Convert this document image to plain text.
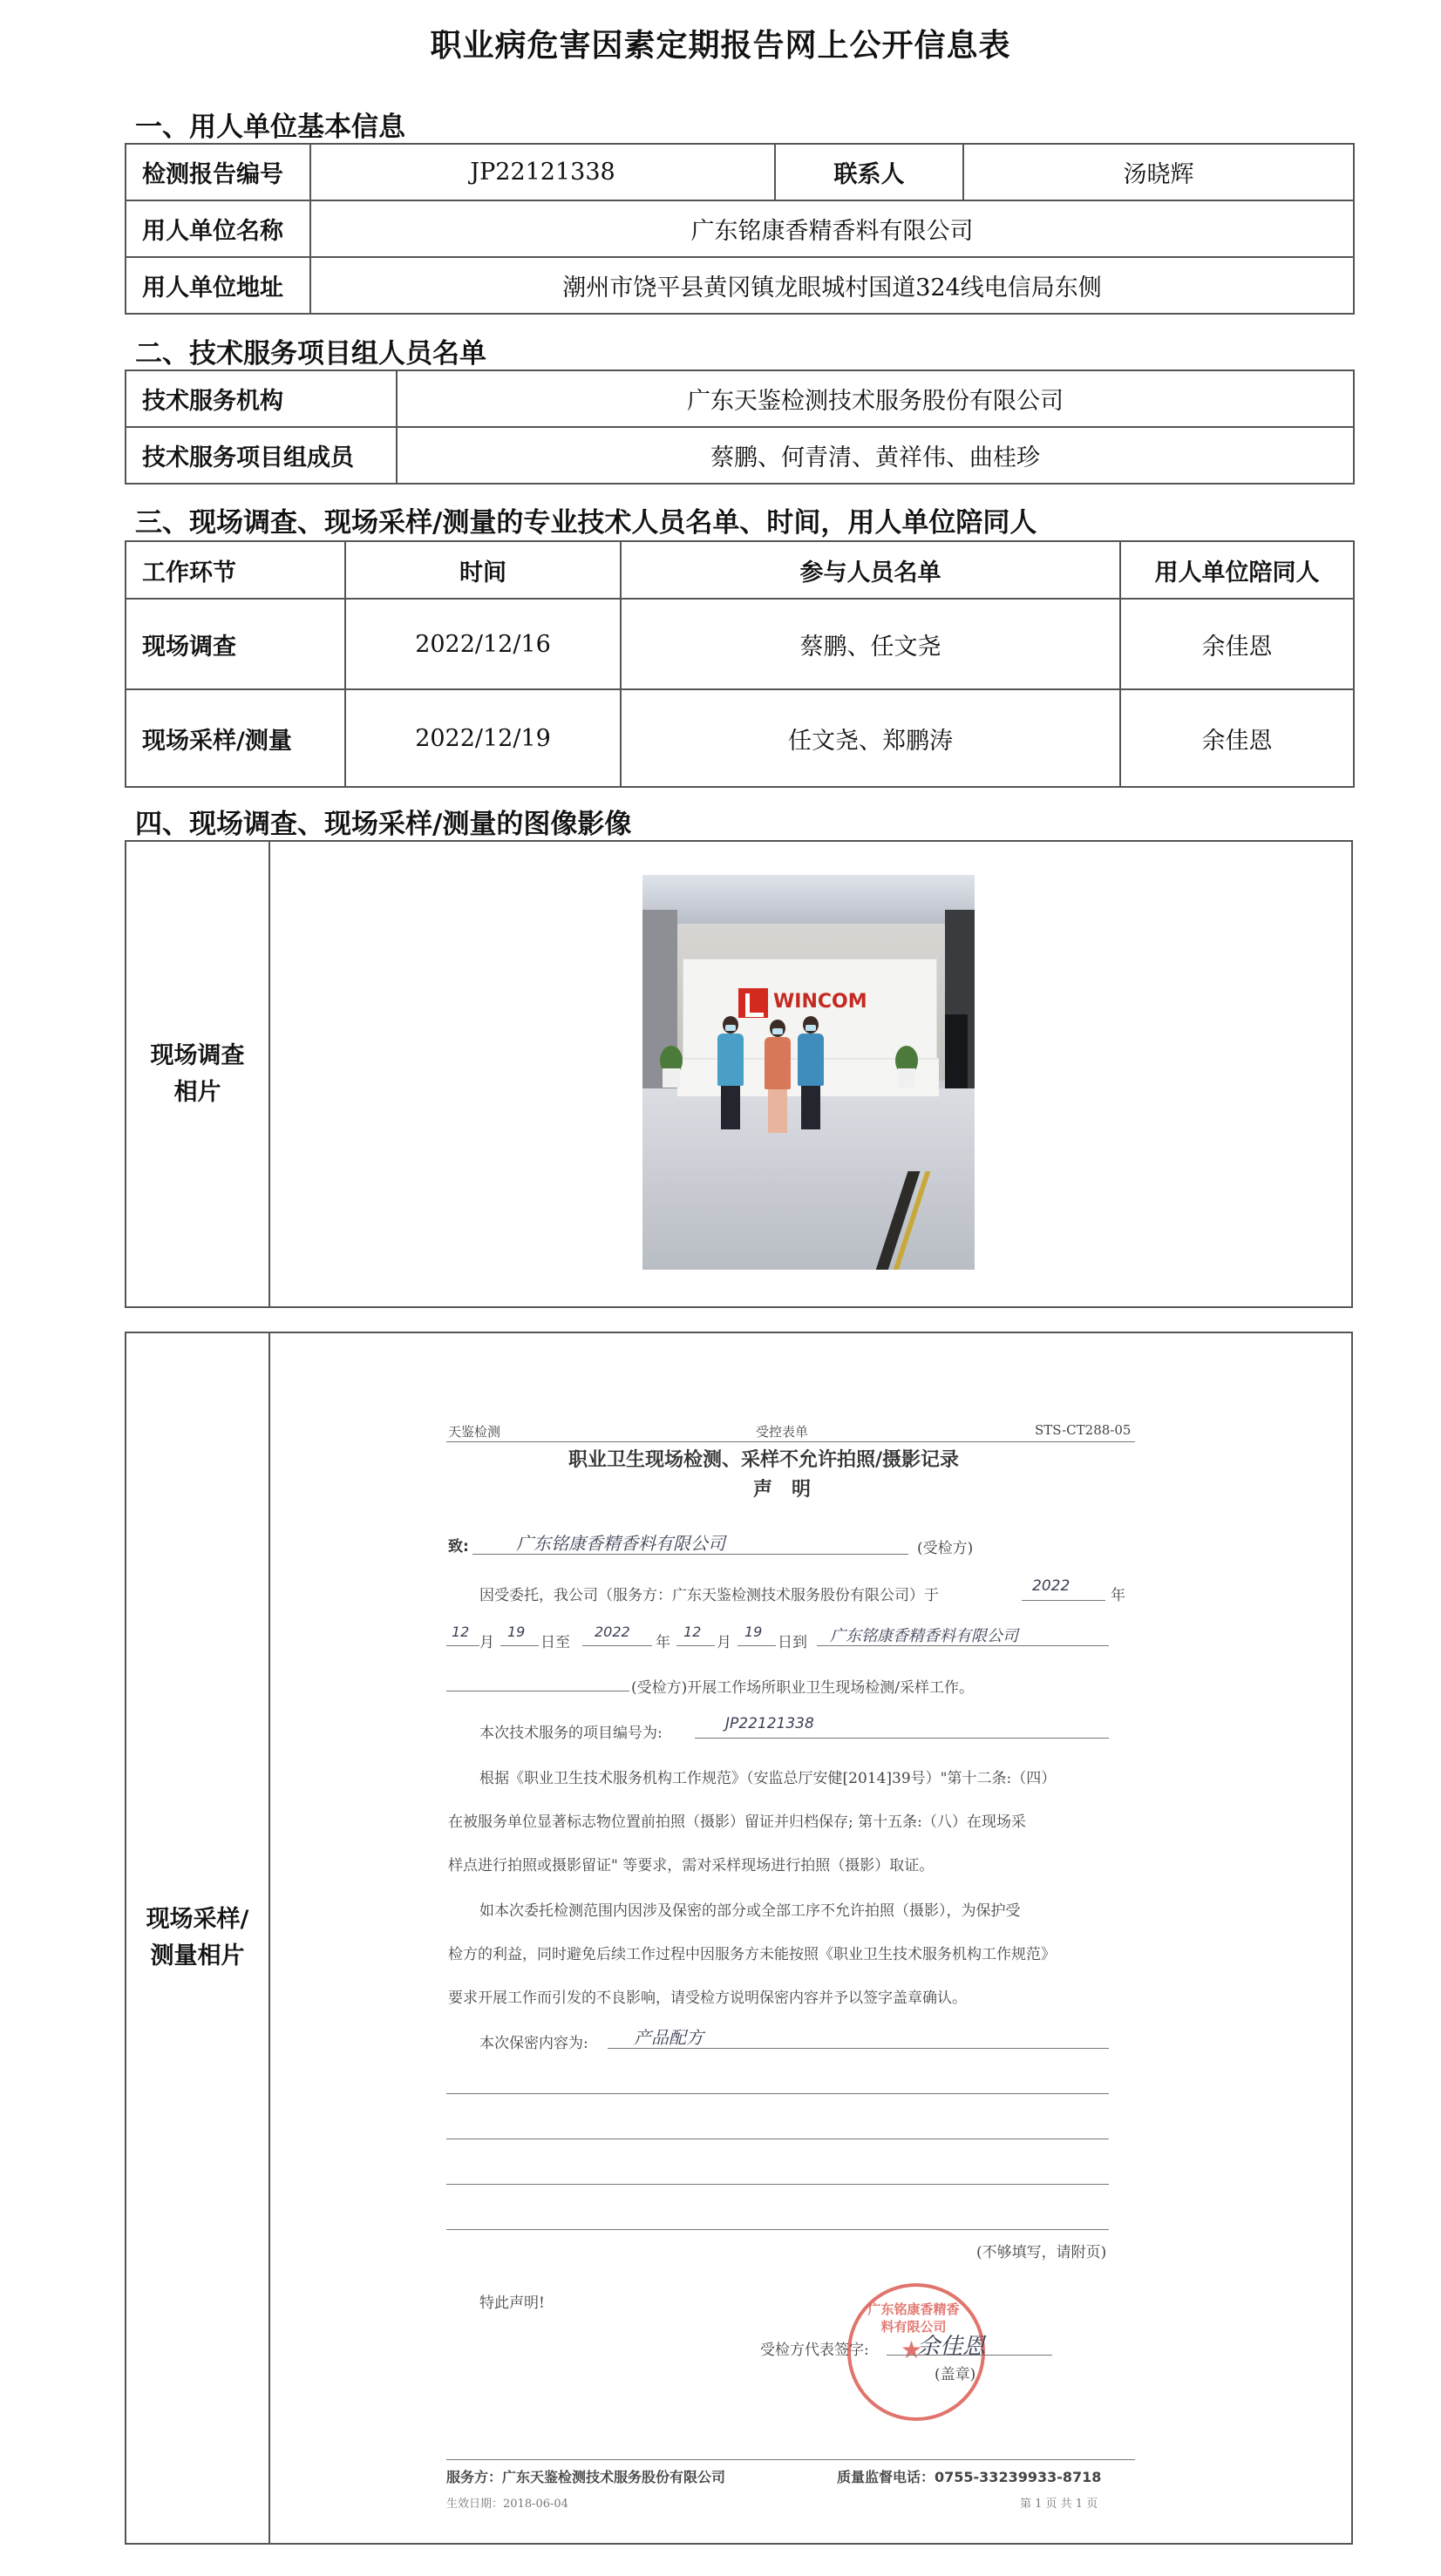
职业病危害因素定期报告网上公开信息表
一、用人单位基本信息
检测报告编号	JP22121338	联系人	汤晓辉
用人单位名称	广东铭康香精香料有限公司		
用人单位地址	潮州市饶平县黄冈镇龙眼城村国道324线电信局东侧		
二、技术服务项目组人员名单
技术服务机构	广东天鉴检测技术服务股份有限公司
技术服务项目组成员	蔡鹏、何青清、黄祥伟、曲桂珍
三、现场调查、现场采样/测量的专业技术人员名单、时间，用人单位陪同人
工作环节	时间	参与人员名单	用人单位陪同人
现场调查	2022/12/16	蔡鹏、任文尧	余佳恩
现场采样/测量	2022/12/19	任文尧、郑鹏涛	余佳恩
四、现场调查、现场采样/测量的图像影像
现场调查
相片
WINCOM
现场采样/
测量相片
天鉴检测	受控表单	STS-CT288-05
职业卫生现场检测、采样不允许拍照/摄影记录
声　明
致:	广东铭康香精香料有限公司	(受检方)
因受委托，我公司（服务方：广东天鉴检测技术服务股份有限公司）于
2022
年
12
月
19
日至
2022
年
12
月
19
日到 广东铭康香精香料有限公司
(受检方)开展工作场所职业卫生现场检测/采样工作。
本次技术服务的项目编号为:
JP22121338
根据《职业卫生技术服务机构工作规范》（安监总厅安健[2014]39号）"第十二条:（四）
在被服务单位显著标志物位置前拍照（摄影）留证并归档保存; 第十五条:（八）在现场采
样点进行拍照或摄影留证" 等要求，需对采样现场进行拍照（摄影）取证。
如本次委托检测范围内因涉及保密的部分或全部工序不允许拍照（摄影），为保护受
检方的利益，同时避免后续工作过程中因服务方未能按照《职业卫生技术服务机构工作规范》
要求开展工作而引发的不良影响，请受检方说明保密内容并予以签字盖章确认。
本次保密内容为:	产品配方
(不够填写，请附页)
特此声明!	广东铭康香精香料有限公司
★
受检方代表签字: 余佳恩
(盖章)
服务方：广东天鉴检测技术服务股份有限公司	质量监督电话：0755-33239933-8718
生效日期：2018-06-04	第 1 页 共 1 页
